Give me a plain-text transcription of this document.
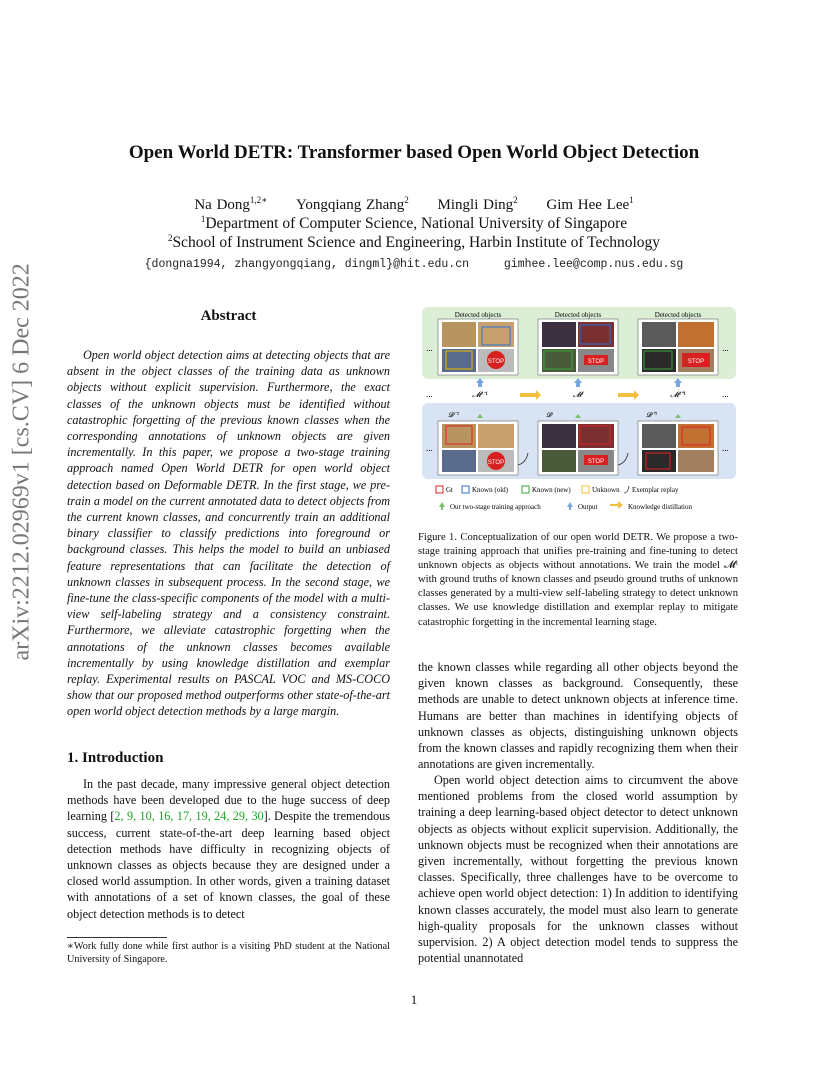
arXiv:2212.02969v1 [cs.CV] 6 Dec 2022
Open World DETR: Transformer based Open World Object Detection
Na Dong$^{1,2∗}$ Yongqiang Zhang$^2$ Mingli Ding$^2$ Gim Hee Lee$^1$
$^1$Department of Computer Science, National University of Singapore
$^2$School of Instrument Science and Engineering, Harbin Institute of Technology
{dongna1994, zhangyongqiang, dingml}@hit.edu.cn	gimhee.lee@comp.nus.edu.sg
Abstract
Open world object detection aims at detecting objects that are absent in the object classes of the training data as unknown objects without explicit supervision. Furthermore, the exact classes of the unknown objects must be identified without catastrophic forgetting of the previous known classes when the corresponding annotations of unknown objects are given incrementally. In this paper, we propose a two-stage training approach named Open World DETR for open world object detection based on Deformable DETR. In the first stage, we pre-train a model on the current annotated data to detect objects from the current known classes, and concurrently train an additional binary classifier to classify predictions into foreground or background classes. This helps the model to build an unbiased feature representations that can facilitate the detection of unknown classes in subsequent process. In the second stage, we fine-tune the class-specific components of the model with a multi-view self-labeling strategy and a consistency constraint. Furthermore, we alleviate catastrophic forgetting when the annotations of the unknown classes becomes available incrementally by using knowledge distillation and exemplar replay. Experimental results on PASCAL VOC and MS-COCO show that our proposed method outperforms other state-of-the-art open world object detection methods by a large margin.
1. Introduction
In the past decade, many impressive general object detection methods have been developed due to the huge success of deep learning [2, 9, 10, 16, 17, 19, 24, 29, 30]. Despite the tremendous success, current state-of-the-art deep learning based object detection methods have difficulty in recognizing objects of unknown classes as objects because they are designed under a closed world assumption. In other words, given a training dataset with annotations of a set of known classes, the goal of these object detection methods is to detect
∗Work fully done while first author is a visiting PhD student at the National University of Singapore.
Detected objects
STOP
Detected objects
STOP
Detected objects
STOP
...	...
𝓜ᵗ⁻¹	𝓜ᵗ	𝓜ᵗ⁺¹
...	...
𝓓ᵗ⁻¹
STOP
𝓓ᵗ
STOP
𝓓ᵗ⁺¹
...	...
Gt	Known (old)	Known (new)	Unknown Exemplar replay
Our two-stage training approach	Output	Knowledge distillation
Figure 1. Conceptualization of our open world DETR. We propose a two-stage training approach that unifies pre-training and fine-tuning to detect unknown objects as objects without annotations. We train the model 𝓜ᵗ with ground truths of known classes and pseudo ground truths of unknown classes generated by a multi-view self-labeling strategy to detect unknown classes. We use knowledge distillation and exemplar replay to mitigate catastrophic forgetting in the incremental learning stage.
the known classes while regarding all other objects beyond the given known classes as background. Consequently, these methods are unable to detect unknown objects at inference time. Humans are better than machines in identifying objects of unknown classes as objects, distinguishing unknown objects from the known classes and rapidly recognizing them when their annotations are given incrementally.
Open world object detection aims to circumvent the above mentioned problems from the closed world assumption by training a deep learning-based object detector to detect unknown objects as objects without explicit supervision. Additionally, the unknown objects must be recognized when their annotations are given incrementally, without forgetting the previous known classes. Specifically, three challenges have to be overcome to achieve open world object detection: 1) In addition to identifying known classes accurately, the model must also learn to generate high-quality proposals for the unknown classes without supervision. 2) A object detection model tends to suppress the potential unannotated
1
